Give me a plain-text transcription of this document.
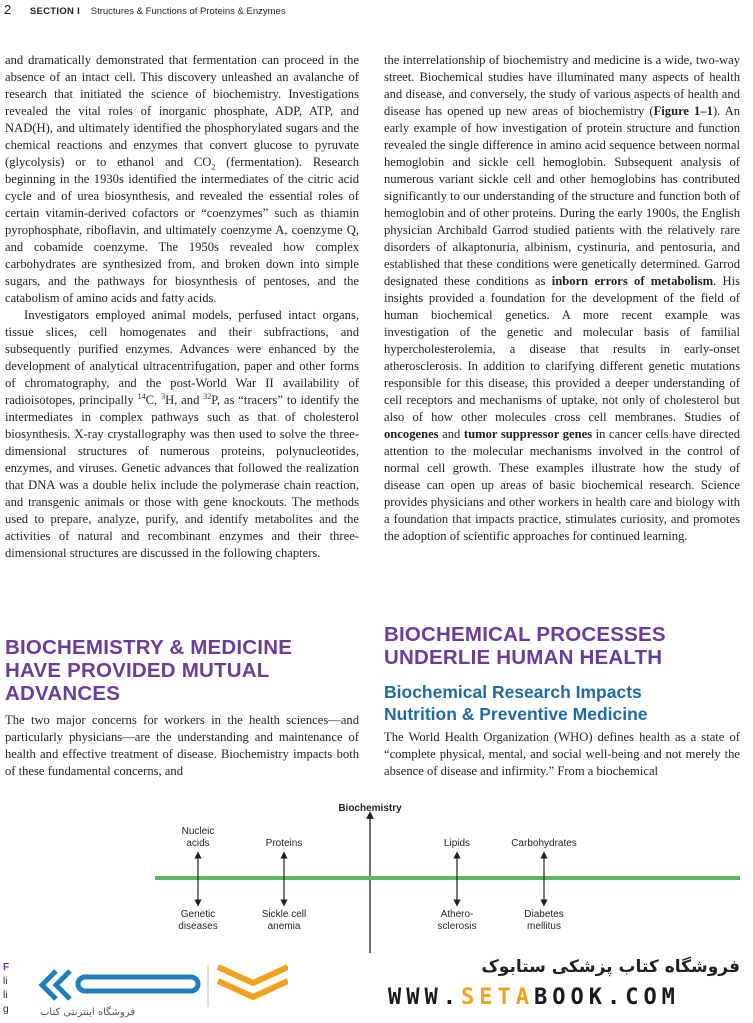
2 SECTION I Structures & Functions of Proteins & Enzymes

and dramatically demonstrated that fermentation can proceed in the absence of an intact cell. This discovery unleashed an avalanche of research that initiated the science of biochemistry. Investigations revealed the vital roles of inorganic phosphate, ADP, ATP, and NAD(H), and ultimately identified the phosphorylated sugars and the chemical reactions and enzymes that convert glucose to pyruvate (glycolysis) or to ethanol and $CO_2$ (fermentation). Research beginning in the 1930s identified the intermediates of the citric acid cycle and of urea biosynthesis, and revealed the essential roles of certain vitamin-derived cofactors or “coenzymes” such as thiamin pyrophosphate, riboflavin, and ultimately coenzyme A, coenzyme Q, and cobamide coenzyme. The 1950s revealed how complex carbohydrates are synthesized from, and broken down into simple sugars, and the pathways for biosynthesis of pentoses, and the catabolism of amino acids and fatty acids.

Investigators employed animal models, perfused intact organs, tissue slices, cell homogenates and their subfractions, and subsequently purified enzymes. Advances were enhanced by the development of analytical ultracentrifugation, paper and other forms of chromatography, and the post-World War II availability of radioisotopes, principally $^{14}$C, $^3$H, and $^{32}$P, as “tracers” to identify the intermediates in complex pathways such as that of cholesterol biosynthesis. X-ray crystallography was then used to solve the three-dimensional structures of numerous proteins, polynucleotides, enzymes, and viruses. Genetic advances that followed the realization that DNA was a double helix include the polymerase chain reaction, and transgenic animals or those with gene knockouts. The methods used to prepare, analyze, purify, and identify metabolites and the activities of natural and recombinant enzymes and their three-dimensional structures are discussed in the following chapters.

BIOCHEMISTRY & MEDICINE HAVE PROVIDED MUTUAL ADVANCES

The two major concerns for workers in the health sciences—and particularly physicians—are the understanding and maintenance of health and effective treatment of disease. Biochemistry impacts both of these fundamental concerns, and

the interrelationship of biochemistry and medicine is a wide, two-way street. Biochemical studies have illuminated many aspects of health and disease, and conversely, the study of various aspects of health and disease has opened up new areas of biochemistry (Figure 1–1). An early example of how investigation of protein structure and function revealed the single difference in amino acid sequence between normal hemoglobin and sickle cell hemoglobin. Subsequent analysis of numerous variant sickle cell and other hemoglobins has contributed significantly to our understanding of the structure and function both of hemoglobin and of other proteins. During the early 1900s, the English physician Archibald Garrod studied patients with the relatively rare disorders of alkaptonuria, albinism, cystinuria, and pentosuria, and established that these conditions were genetically determined. Garrod designated these conditions as inborn errors of metabolism. His insights provided a foundation for the development of the field of human biochemical genetics. A more recent example was investigation of the genetic and molecular basis of familial hypercholesterolemia, a disease that results in early-onset atherosclerosis. In addition to clarifying different genetic mutations responsible for this disease, this provided a deeper understanding of cell receptors and mechanisms of uptake, not only of cholesterol but also of how other molecules cross cell membranes. Studies of oncogenes and tumor suppressor genes in cancer cells have directed attention to the molecular mechanisms involved in the control of normal cell growth. These examples illustrate how the study of disease can open up areas of basic biochemical research. Science provides physicians and other workers in health care and biology with a foundation that impacts practice, stimulates curiosity, and promotes the adoption of scientific approaches for continued learning.

BIOCHEMICAL PROCESSES UNDERLIE HUMAN HEALTH
Biochemical Research Impacts Nutrition & Preventive Medicine

The World Health Organization (WHO) defines health as a state of “complete physical, mental, and social well-being and not merely the absence of disease and infirmity.” From a biochemical

Biochemistry
Nucleic
acids	Proteins	Lipids	Carbohydrates
Genetic
diseases
Sickle cell
anemia
Athero-
sclerosis
Diabetes
mellitus
F
li
li
g	فروشگاه اینترنتی کتاب
فروشگاه کتاب پزشکی ستابوک
WWW.SETABOOK.COM
